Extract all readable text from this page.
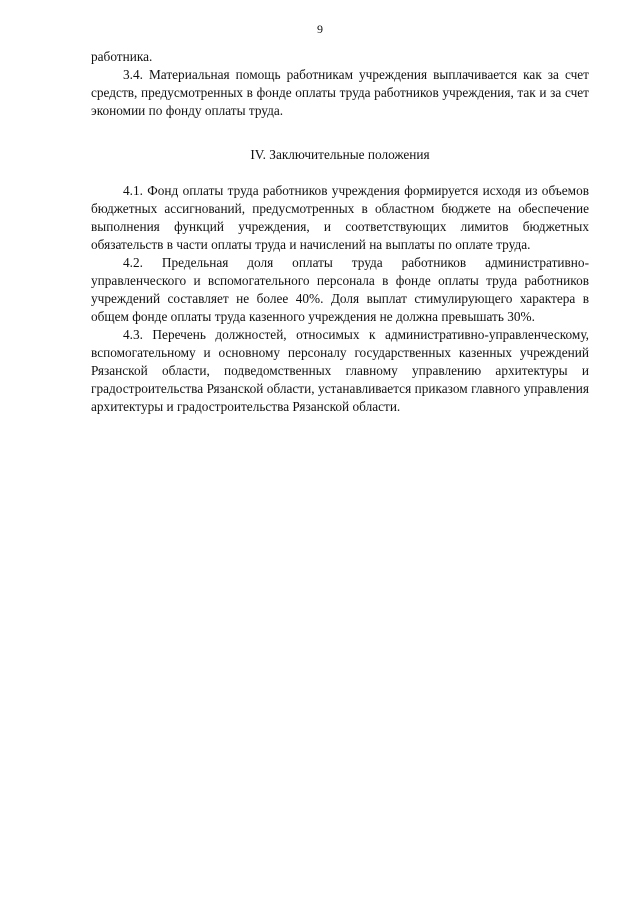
9

работника.

3.4. Материальная помощь работникам учреждения выплачивается как за счет средств, предусмотренных в фонде оплаты труда работников учреждения, так и за счет экономии по фонду оплаты труда.

IV. Заключительные положения

4.1. Фонд оплаты труда работников учреждения формируется исходя из объемов бюджетных ассигнований, предусмотренных в областном бюджете на обеспечение выполнения функций учреждения, и соответствующих лимитов бюджетных обязательств в части оплаты труда и начислений на выплаты по оплате труда.

4.2. Предельная доля оплаты труда работников административно-управленческого и вспомогательного персонала в фонде оплаты труда работников учреждений составляет не более 40%. Доля выплат стимулирующего характера в общем фонде оплаты труда казенного учреждения не должна превышать 30%.

4.3. Перечень должностей, относимых к административно-управленческому, вспомогательному и основному персоналу государственных казенных учреждений Рязанской области, подведомственных главному управлению архитектуры и градостроительства Рязанской области, устанавливается приказом главного управления архитектуры и градостроительства Рязанской области.
